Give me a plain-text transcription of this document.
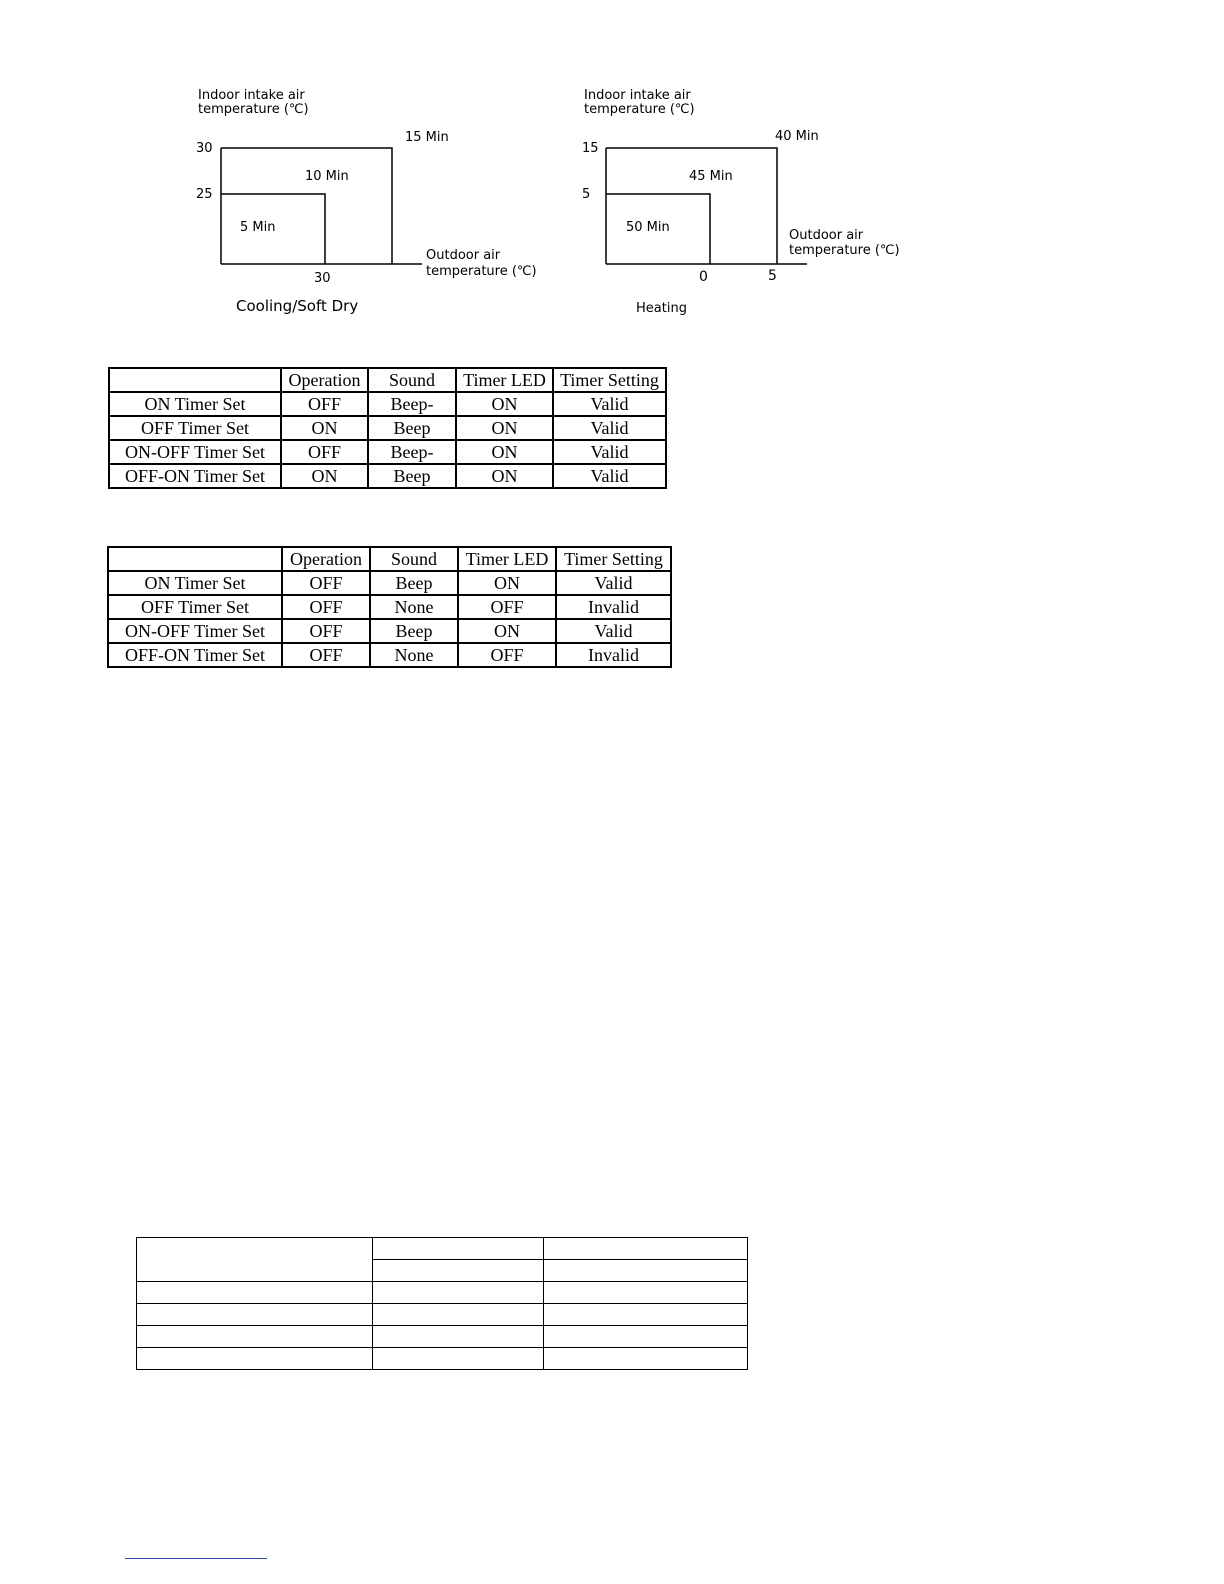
Indoor intake air
temperature (℃)
30
25
30
15 Min
10 Min
5 Min
Outdoor air
temperature (℃)
Cooling/Soft Dry
Indoor intake air
temperature (℃)
15
5
0	5
40 Min
45 Min
50 Min
Outdoor air
temperature (℃)
Heating
	Operation	Sound	Timer LED	Timer Setting
ON Timer Set	OFF	Beep-	ON	Valid
OFF Timer Set	ON	Beep	ON	Valid
ON-OFF Timer Set	OFF	Beep-	ON	Valid
OFF-ON Timer Set	ON	Beep	ON	Valid
	Operation	Sound	Timer LED	Timer Setting
ON Timer Set	OFF	Beep	ON	Valid
OFF Timer Set	OFF	None	OFF	Invalid
ON-OFF Timer Set	OFF	Beep	ON	Valid
OFF-ON Timer Set	OFF	None	OFF	Invalid
